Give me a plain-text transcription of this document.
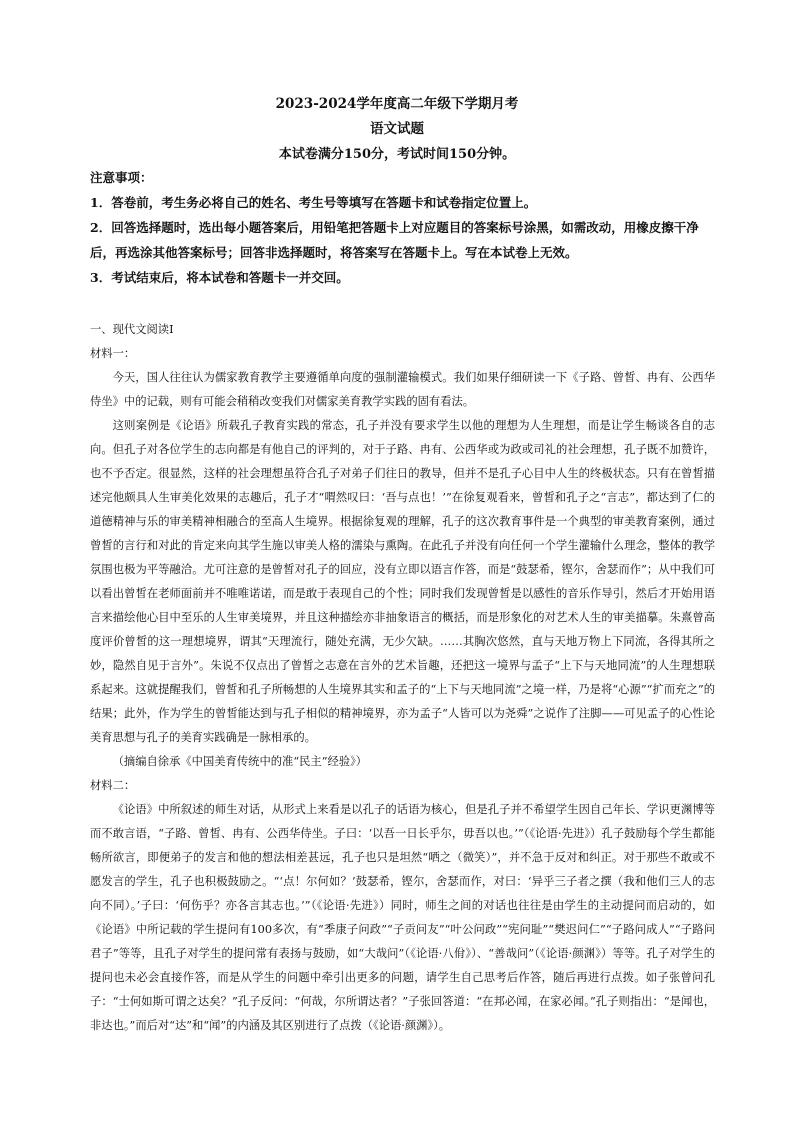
2023-2024学年度高二年级下学期月考
语文试题
本试卷满分150分，考试时间150分钟。

注意事项：

1．答卷前，考生务必将自己的姓名、考生号等填写在答题卡和试卷指定位置上。

2．回答选择题时，选出每小题答案后，用铅笔把答题卡上对应题目的答案标号涂黑，如需改动，用橡皮擦干净后，再选涂其他答案标号；回答非选择题时，将答案写在答题卡上。写在本试卷上无效。

3．考试结束后，将本试卷和答题卡一并交回。

一、现代文阅读Ⅰ

材料一：

今天，国人往往认为儒家教育教学主要遵循单向度的强制灌输模式。我们如果仔细研读一下《子路、曾皙、冉有、公西华侍坐》中的记载，则有可能会稍稍改变我们对儒家美育教学实践的固有看法。

这则案例是《论语》所载孔子教育实践的常态，孔子并没有要求学生以他的理想为人生理想，而是让学生畅谈各自的志向。但孔子对各位学生的志向都是有他自己的评判的，对于子路、冉有、公西华或为政或司礼的社会理想，孔子既不加赞许，也不予否定。很显然，这样的社会理想虽符合孔子对弟子们往日的教导，但并不是孔子心目中人生的终极状态。只有在曾皙描述完他颇具人生审美化效果的志趣后，孔子才“喟然叹曰：‘吾与点也！’”在徐复观看来，曾皙和孔子之“言志”，都达到了仁的道德精神与乐的审美精神相融合的至高人生境界。根据徐复观的理解，孔子的这次教育事件是一个典型的审美教育案例，通过曾皙的言行和对此的肯定来向其学生施以审美人格的濡染与熏陶。在此孔子并没有向任何一个学生灌输什么理念，整体的教学氛围也极为平等融洽。尤可注意的是曾皙对孔子的回应，没有立即以语言作答，而是“鼓瑟希，铿尔，舍瑟而作”；从中我们可以看出曾皙在老师面前并不唯唯诺诺，而是敢于表现自己的个性；同时我们发现曾皙是以感性的音乐作导引，然后才开始用语言来描绘他心目中至乐的人生审美境界，并且这种描绘亦非抽象语言的概括，而是形象化的对艺术人生的审美描摹。朱熹曾高度评价曾皙的这一理想境界，谓其“天理流行，随处充满，无少欠缺。……其胸次悠然，直与天地万物上下同流，各得其所之妙，隐然自见于言外”。朱说不仅点出了曾皙之志意在言外的艺术旨趣，还把这一境界与孟子“上下与天地同流”的人生理想联系起来。这就提醒我们，曾皙和孔子所畅想的人生境界其实和孟子的“上下与天地同流”之境一样，乃是将“心源”“扩而充之”的结果；此外，作为学生的曾皙能达到与孔子相似的精神境界，亦为孟子“人皆可以为尧舜”之说作了注脚——可见孟子的心性论美育思想与孔子的美育实践确是一脉相承的。

（摘编自徐承《中国美育传统中的准“民主”经验》）

材料二：

《论语》中所叙述的师生对话，从形式上来看是以孔子的话语为核心，但是孔子并不希望学生因自己年长、学识更渊博等而不敢言语，“子路、曾皙、冉有、公西华侍坐。子曰：‘以吾一日长乎尔，毋吾以也。’”（《论语·先进》）孔子鼓励每个学生都能畅所欲言，即便弟子的发言和他的想法相差甚远，孔子也只是坦然“哂之（微笑）”，并不急于反对和纠正。对于那些不敢或不愿发言的学生，孔子也积极鼓励之。“‘点！尔何如？’鼓瑟希，铿尔，舍瑟而作，对曰：‘异乎三子者之撰（我和他们三人的志向不同）。’子曰：‘何伤乎？亦各言其志也。’”（《论语·先进》）同时，师生之间的对话也往往是由学生的主动提问而启动的，如《论语》中所记载的学生提问有100多次，有“季康子问政”“子贡问友”“叶公问政”“宪问耻”“樊迟问仁”“子路问成人”“子路问君子”等等，且孔子对学生的提问常有表扬与鼓励，如“大哉问”（《论语·八佾》）、“善哉问”（《论语·颜渊》）等等。孔子对学生的提问也未必会直接作答，而是从学生的问题中牵引出更多的问题，请学生自己思考后作答，随后再进行点拨。如子张曾问孔子：“士何如斯可谓之达矣？”孔子反问：“何哉，尔所谓达者？”子张回答道：“在邦必闻，在家必闻。”孔子则指出：“是闻也，非达也。”而后对“达”和“闻”的内涵及其区别进行了点拨（《论语·颜渊》）。
